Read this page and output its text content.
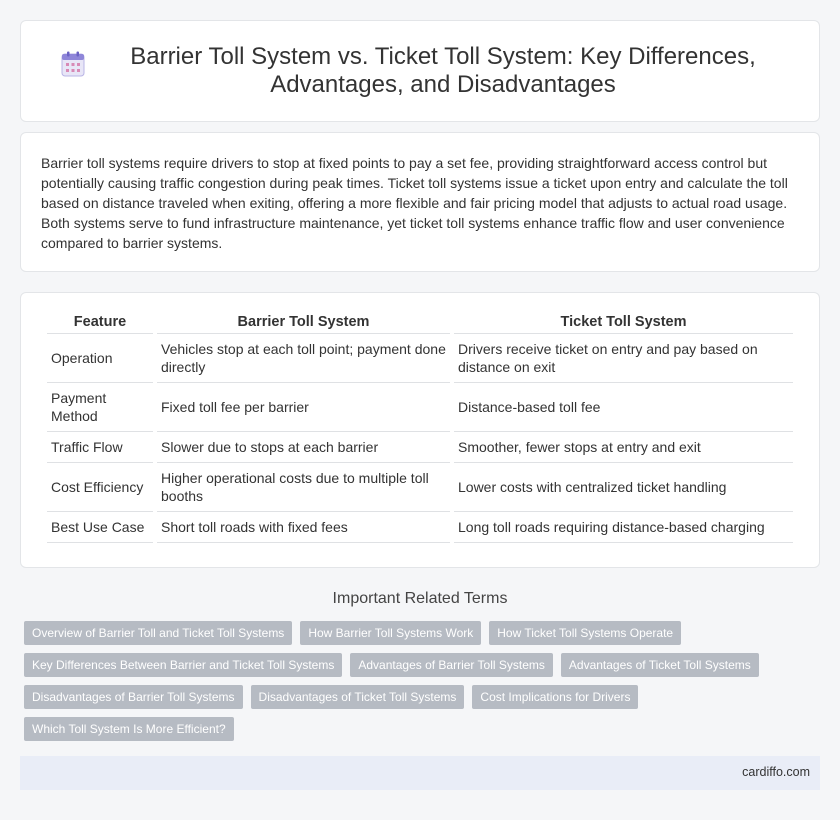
Barrier Toll System vs. Ticket Toll System: Key Differences, Advantages, and Disadvantages

Barrier toll systems require drivers to stop at fixed points to pay a set fee, providing straightforward access control but potentially causing traffic congestion during peak times. Ticket toll systems issue a ticket upon entry and calculate the toll based on distance traveled when exiting, offering a more flexible and fair pricing model that adjusts to actual road usage. Both systems serve to fund infrastructure maintenance, yet ticket toll systems enhance traffic flow and user convenience compared to barrier systems.

Feature	Barrier Toll System	Ticket Toll System
Operation	Vehicles stop at each toll point; payment done directly	Drivers receive ticket on entry and pay based on distance on exit
Payment Method	Fixed toll fee per barrier	Distance-based toll fee
Traffic Flow	Slower due to stops at each barrier	Smoother, fewer stops at entry and exit
Cost Efficiency	Higher operational costs due to multiple toll booths	Lower costs with centralized ticket handling
Best Use Case	Short toll roads with fixed fees	Long toll roads requiring distance-based charging
Important Related Terms
Overview of Barrier Toll and Ticket Toll Systems	How Barrier Toll Systems Work	How Ticket Toll Systems Operate
Key Differences Between Barrier and Ticket Toll Systems	Advantages of Barrier Toll Systems	Advantages of Ticket Toll Systems
Disadvantages of Barrier Toll Systems	Disadvantages of Ticket Toll Systems	Cost Implications for Drivers
Which Toll System Is More Efficient?
cardiffo.com
